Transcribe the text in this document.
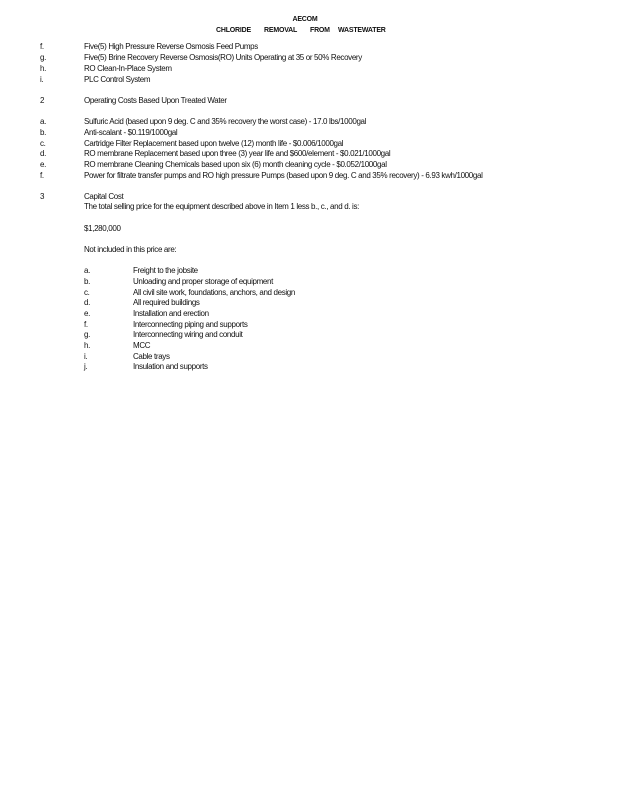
AECOM
CHLORIDE REMOVAL FROM WASTEWATER
f.	Five(5) High Pressure Reverse Osmosis Feed Pumps
g.	Five(5) Brine Recovery Reverse Osmosis(RO) Units Operating at 35 or 50% Recovery
h.	RO Clean-In-Place System
i.	PLC Control System
2	Operating Costs Based Upon Treated Water
a.	Sulfuric Acid (based upon 9 deg. C and 35% recovery the worst case) - 17.0 lbs/1000gal
b.	Anti-scalant - $0.119/1000gal
c.	Cartridge Filter Replacement based upon twelve (12) month life - $0.006/1000gal
d.	RO membrane Replacement based upon three (3) year life and $600/element - $0.021/1000gal
e.	RO membrane Cleaning Chemicals based upon six (6) month cleaning cycle - $0.052/1000gal
f.	Power for filtrate transfer pumps and RO high pressure Pumps (based upon 9 deg. C and 35% recovery) - 6.93 kwh/1000gal
3	Capital Cost
The total selling price for the equipment described above in Item 1 less b., c., and d. is:
$1,280,000
Not included in this price are:
a.	Freight to the jobsite
b.	Unloading and proper storage of equipment
c.	All civil site work, foundations, anchors, and design
d.	All required buildings
e.	Installation and erection
f.	Interconnecting piping and supports
g.	Interconnecting wiring and conduit
h.	MCC
i.	Cable trays
j.	Insulation and supports
